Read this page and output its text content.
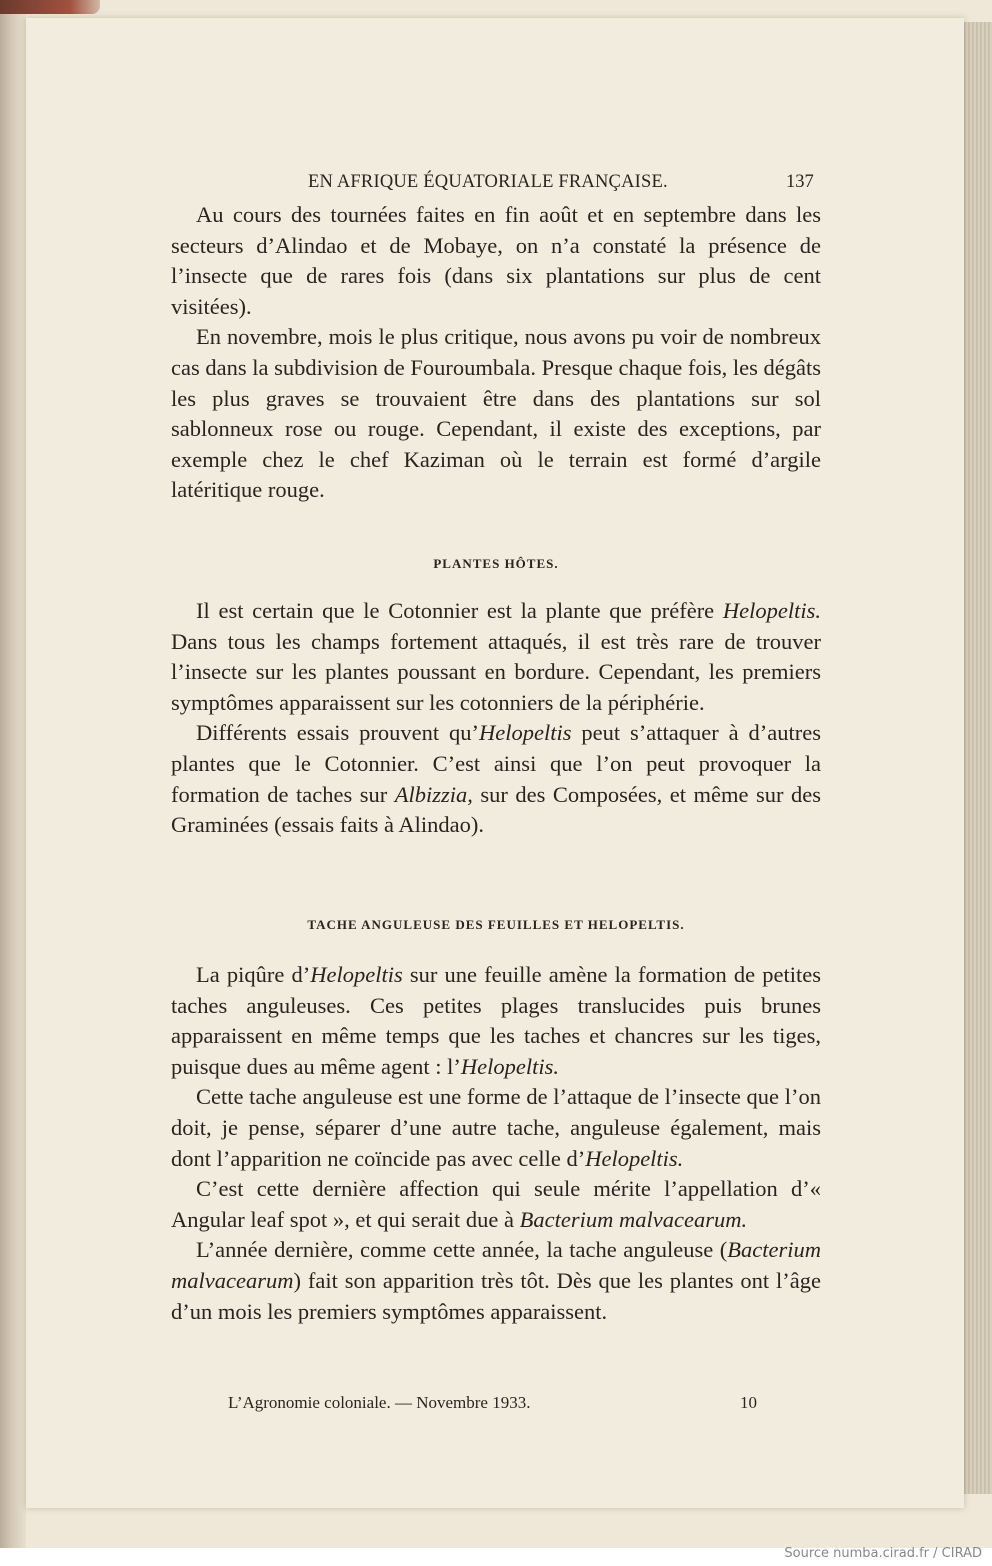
EN AFRIQUE ÉQUATORIALE FRANÇAISE.	137

Au cours des tournées faites en fin août et en septembre dans les secteurs d’Alindao et de Mobaye, on n’a constaté la présence de l’insecte que de rares fois (dans six plantations sur plus de cent visitées).

En novembre, mois le plus critique, nous avons pu voir de nombreux cas dans la subdivision de Fouroumbala. Presque chaque fois, les dégâts les plus graves se trouvaient être dans des plantations sur sol sablonneux rose ou rouge. Cependant, il existe des exceptions, par exemple chez le chef Kaziman où le terrain est formé d’argile latéritique rouge.

PLANTES HÔTES.

Il est certain que le Cotonnier est la plante que préfère Helopeltis. Dans tous les champs fortement attaqués, il est très rare de trouver l’insecte sur les plantes poussant en bordure. Cependant, les premiers symptômes apparaissent sur les cotonniers de la périphérie.

Différents essais prouvent qu’Helopeltis peut s’attaquer à d’autres plantes que le Cotonnier. C’est ainsi que l’on peut provoquer la formation de taches sur Albizzia, sur des Composées, et même sur des Graminées (essais faits à Alindao).

TACHE ANGULEUSE DES FEUILLES ET HELOPELTIS.

La piqûre d’Helopeltis sur une feuille amène la formation de petites taches anguleuses. Ces petites plages translucides puis brunes apparaissent en même temps que les taches et chancres sur les tiges, puisque dues au même agent : l’Helopeltis.

Cette tache anguleuse est une forme de l’attaque de l’insecte que l’on doit, je pense, séparer d’une autre tache, anguleuse également, mais dont l’apparition ne coïncide pas avec celle d’Helopeltis.

C’est cette dernière affection qui seule mérite l’appellation d’« Angular leaf spot », et qui serait due à Bacterium malvacearum.

L’année dernière, comme cette année, la tache anguleuse (Bacterium malvacearum) fait son apparition très tôt. Dès que les plantes ont l’âge d’un mois les premiers symptômes apparaissent.

L’Agronomie coloniale. — Novembre 1933.	10
Source numba.cirad.fr / CIRAD
